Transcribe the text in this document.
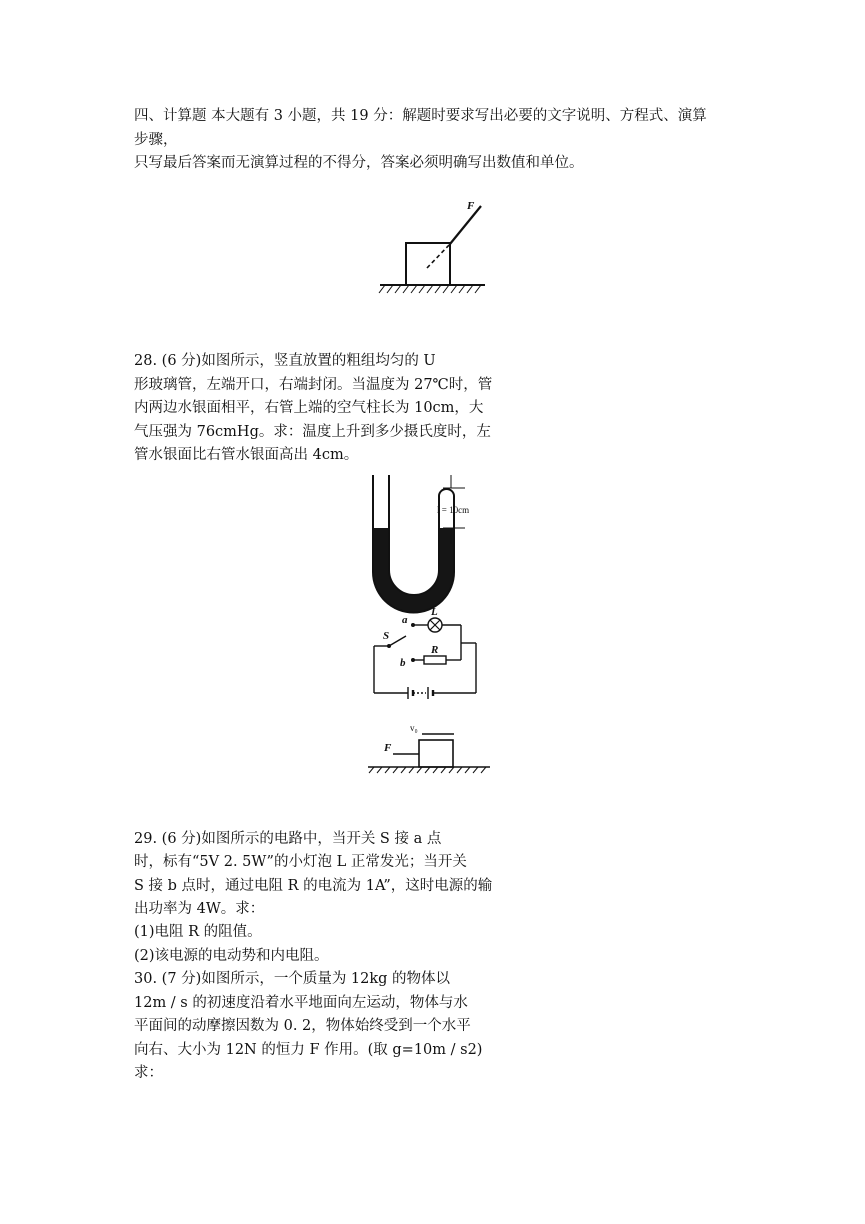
四、计算题 本大题有 3 小题，共 19 分：解题时要求写出必要的文字说明、方程式、演算
步骤，
只写最后答案而无演算过程的不得分，答案必须明确写出数值和单位。
F
28. (6 分)如图所示，竖直放置的粗组均匀的 U
形玻璃管，左端开口，右端封闭。当温度为 27℃时，管
内两边水银面相平，右管上端的空气柱长为 10cm，大
气压强为 76cmHg。求：温度上升到多少摄氏度时，左
管水银面比右管水银面高出 4cm。
l = 10cm
S
a
L
b
R
v₀
F
29. (6 分)如图所示的电路中，当开关 S 接 a 点
时，标有“5V 2. 5W”的小灯泡 L 正常发光；当开关
S 接 b 点时，通过电阻 R 的电流为 1A”，这时电源的输
出功率为 4W。求：
(1)电阻 R 的阻值。
(2)该电源的电动势和内电阻。
30. (7 分)如图所示，一个质量为 12kg 的物体以
12m / s 的初速度沿着水平地面向左运动，物体与水
平面间的动摩擦因数为 0. 2，物体始终受到一个水平
向右、大小为 12N 的恒力 F 作用。(取 g=10m / s2)
求：
